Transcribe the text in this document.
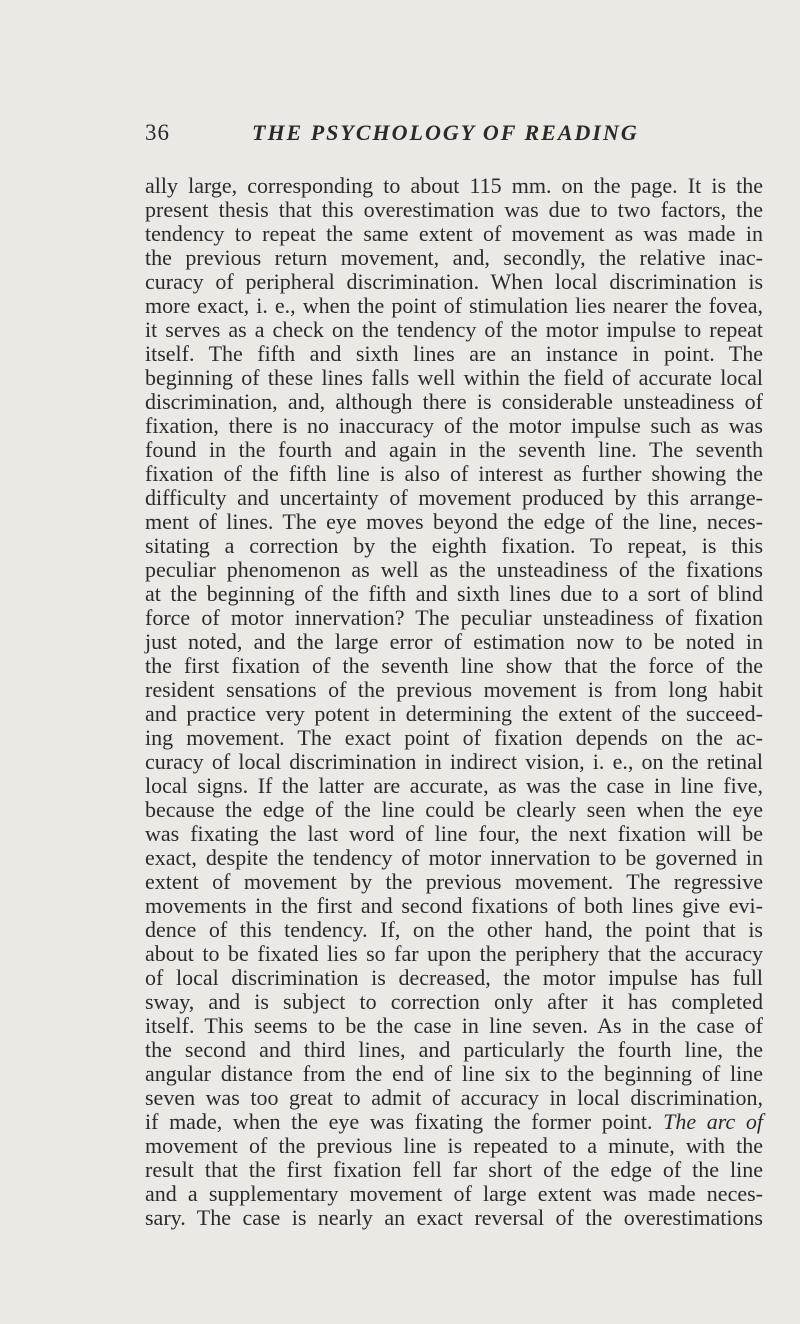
36	THE PSYCHOLOGY OF READING
ally large, corresponding to about 115 mm. on the page. It is the
present thesis that this overestimation was due to two factors, the
tendency to repeat the same extent of movement as was made in
the previous return movement, and, secondly, the relative inac-
curacy of peripheral discrimination. When local discrimination is
more exact, i. e., when the point of stimulation lies nearer the fovea,
it serves as a check on the tendency of the motor impulse to repeat
itself. The fifth and sixth lines are an instance in point. The
beginning of these lines falls well within the field of accurate local
discrimination, and, although there is considerable unsteadiness of
fixation, there is no inaccuracy of the motor impulse such as was
found in the fourth and again in the seventh line. The seventh
fixation of the fifth line is also of interest as further showing the
difficulty and uncertainty of movement produced by this arrange-
ment of lines. The eye moves beyond the edge of the line, neces-
sitating a correction by the eighth fixation. To repeat, is this
peculiar phenomenon as well as the unsteadiness of the fixations
at the beginning of the fifth and sixth lines due to a sort of blind
force of motor innervation? The peculiar unsteadiness of fixation
just noted, and the large error of estimation now to be noted in
the first fixation of the seventh line show that the force of the
resident sensations of the previous movement is from long habit
and practice very potent in determining the extent of the succeed-
ing movement. The exact point of fixation depends on the ac-
curacy of local discrimination in indirect vision, i. e., on the retinal
local signs. If the latter are accurate, as was the case in line five,
because the edge of the line could be clearly seen when the eye
was fixating the last word of line four, the next fixation will be
exact, despite the tendency of motor innervation to be governed in
extent of movement by the previous movement. The regressive
movements in the first and second fixations of both lines give evi-
dence of this tendency. If, on the other hand, the point that is
about to be fixated lies so far upon the periphery that the accuracy
of local discrimination is decreased, the motor impulse has full
sway, and is subject to correction only after it has completed
itself. This seems to be the case in line seven. As in the case of
the second and third lines, and particularly the fourth line, the
angular distance from the end of line six to the beginning of line
seven was too great to admit of accuracy in local discrimination,
if made, when the eye was fixating the former point. The arc of
movement of the previous line is repeated to a minute, with the
result that the first fixation fell far short of the edge of the line
and a supplementary movement of large extent was made neces-
sary. The case is nearly an exact reversal of the overestimations
